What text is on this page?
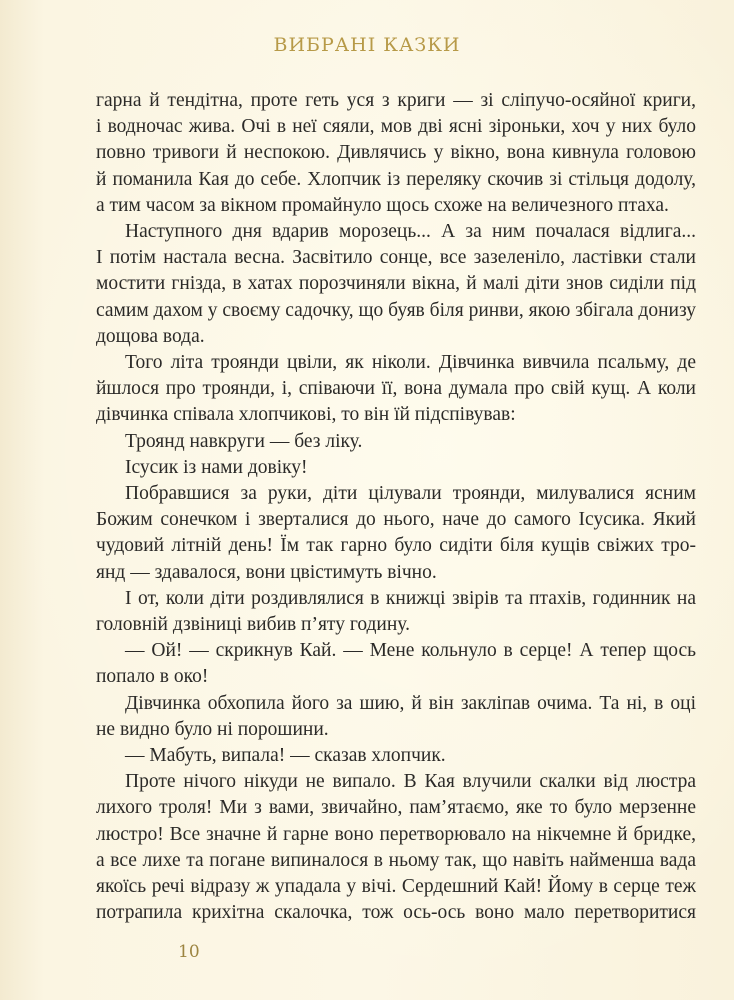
ВИБРАНІ КАЗКИ

гарна й тендітна, проте геть уся з криги — зі сліпучо-осяйної криги,

і водночас жива. Очі в неї сяяли, мов дві ясні зіроньки, хоч у них було

повно тривоги й неспокою. Дивлячись у вікно, вона кивнула головою

й поманила Кая до себе. Хлопчик із переляку скочив зі стільця додолу,

а тим часом за вікном промайнуло щось схоже на величезного птаха.

Наступного дня вдарив морозець... А за ним почалася відлига...

І потім настала весна. Засвітило сонце, все зазеленіло, ластівки стали

мостити гнізда, в хатах порозчиняли вікна, й малі діти знов сиділи під

самим дахом у своєму садочку, що буяв біля ринви, якою збігала донизу

дощова вода.

Того літа троянди цвіли, як ніколи. Дівчинка вивчила псальму, де

йшлося про троянди, і, співаючи її, вона думала про свій кущ. А коли

дівчинка співала хлопчикові, то він їй підспівував:

Троянд навкруги — без ліку.

Ісусик із нами довіку!

Побравшися за руки, діти цілували троянди, милувалися ясним

Божим сонечком і зверталися до нього, наче до самого Ісусика. Який

чудовий літній день! Їм так гарно було сидіти біля кущів свіжих тро-

янд — здавалося, вони цвістимуть вічно.

І от, коли діти роздивлялися в книжці звірів та птахів, годинник на

головній дзвіниці вибив п’яту годину.

— Ой! — скрикнув Кай. — Мене кольнуло в серце! А тепер щось

попало в око!

Дівчинка обхопила його за шию, й він закліпав очима. Та ні, в оці

не видно було ні порошини.

— Мабуть, випала! — сказав хлопчик.

Проте нічого нікуди не випало. В Кая влучили скалки від люстра

лихого троля! Ми з вами, звичайно, пам’ятаємо, яке то було мерзенне

люстро! Все значне й гарне воно перетворювало на нікчемне й бридке,

а все лихе та погане випиналося в ньому так, що навіть найменша вада

якоїсь речі відразу ж упадала у вічі. Сердешний Кай! Йому в серце теж

потрапила крихітна скалочка, тож ось-ось воно мало перетворитися

10
